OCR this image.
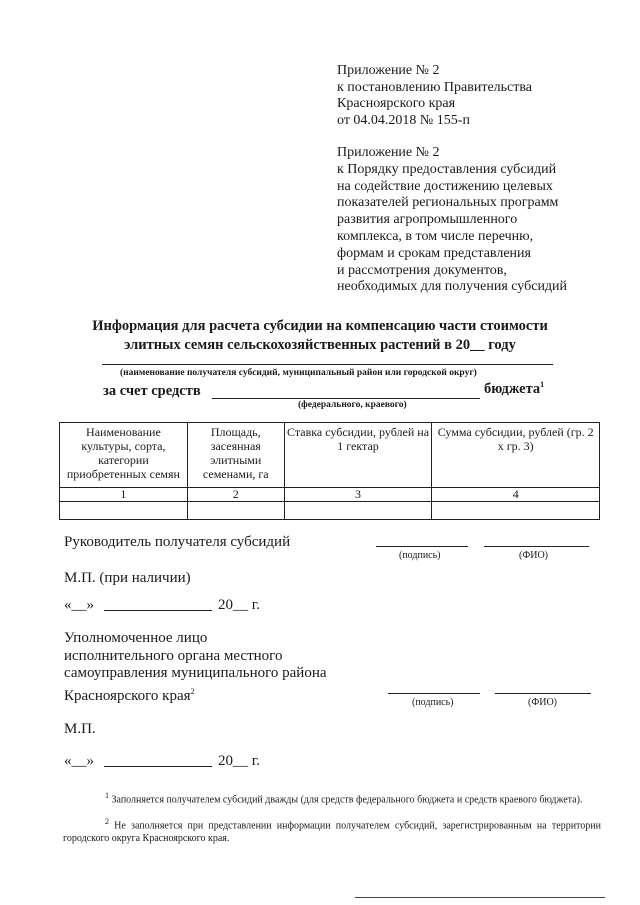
Приложение № 2
к постановлению Правительства
Красноярского края
от 04.04.2018 № 155-п
Приложение № 2
к Порядку предоставления субсидий
на содействие достижению целевых
показателей региональных программ
развития агропромышленного
комплекса, в том числе перечню,
формам и срокам представления
и рассмотрения документов,
необходимых для получения субсидий
Информация для расчета субсидии на компенсацию части стоимости
элитных семян сельскохозяйственных растений в 20__ году
(наименование получателя субсидий, муниципальный район или городской округ)
за счет средств	бюджета$^1$
(федерального, краевого)
Наименование культуры, сорта, категории приобретенных семян	Площадь, засеянная элитными семенами, га	Ставка субсидии, рублей на 1 гектар	Сумма субсидии, рублей (гр. 2 x гр. 3)
1	2	3	4

Руководитель получателя субсидий
(подпись)	(ФИО)
М.П. (при наличии)
«__»	20__ г.
Уполномоченное лицо
исполнительного органа местного
самоуправления муниципального района
Красноярского края$^2$
(подпись)	(ФИО)
М.П.
«__»	20__ г.
$^1$ Заполняется получателем субсидий дважды (для средств федерального бюджета и средств краевого бюджета).
$^2$ Не заполняется при представлении информации получателем субсидий, зарегистрированным на территории городского округа Красноярского края.
